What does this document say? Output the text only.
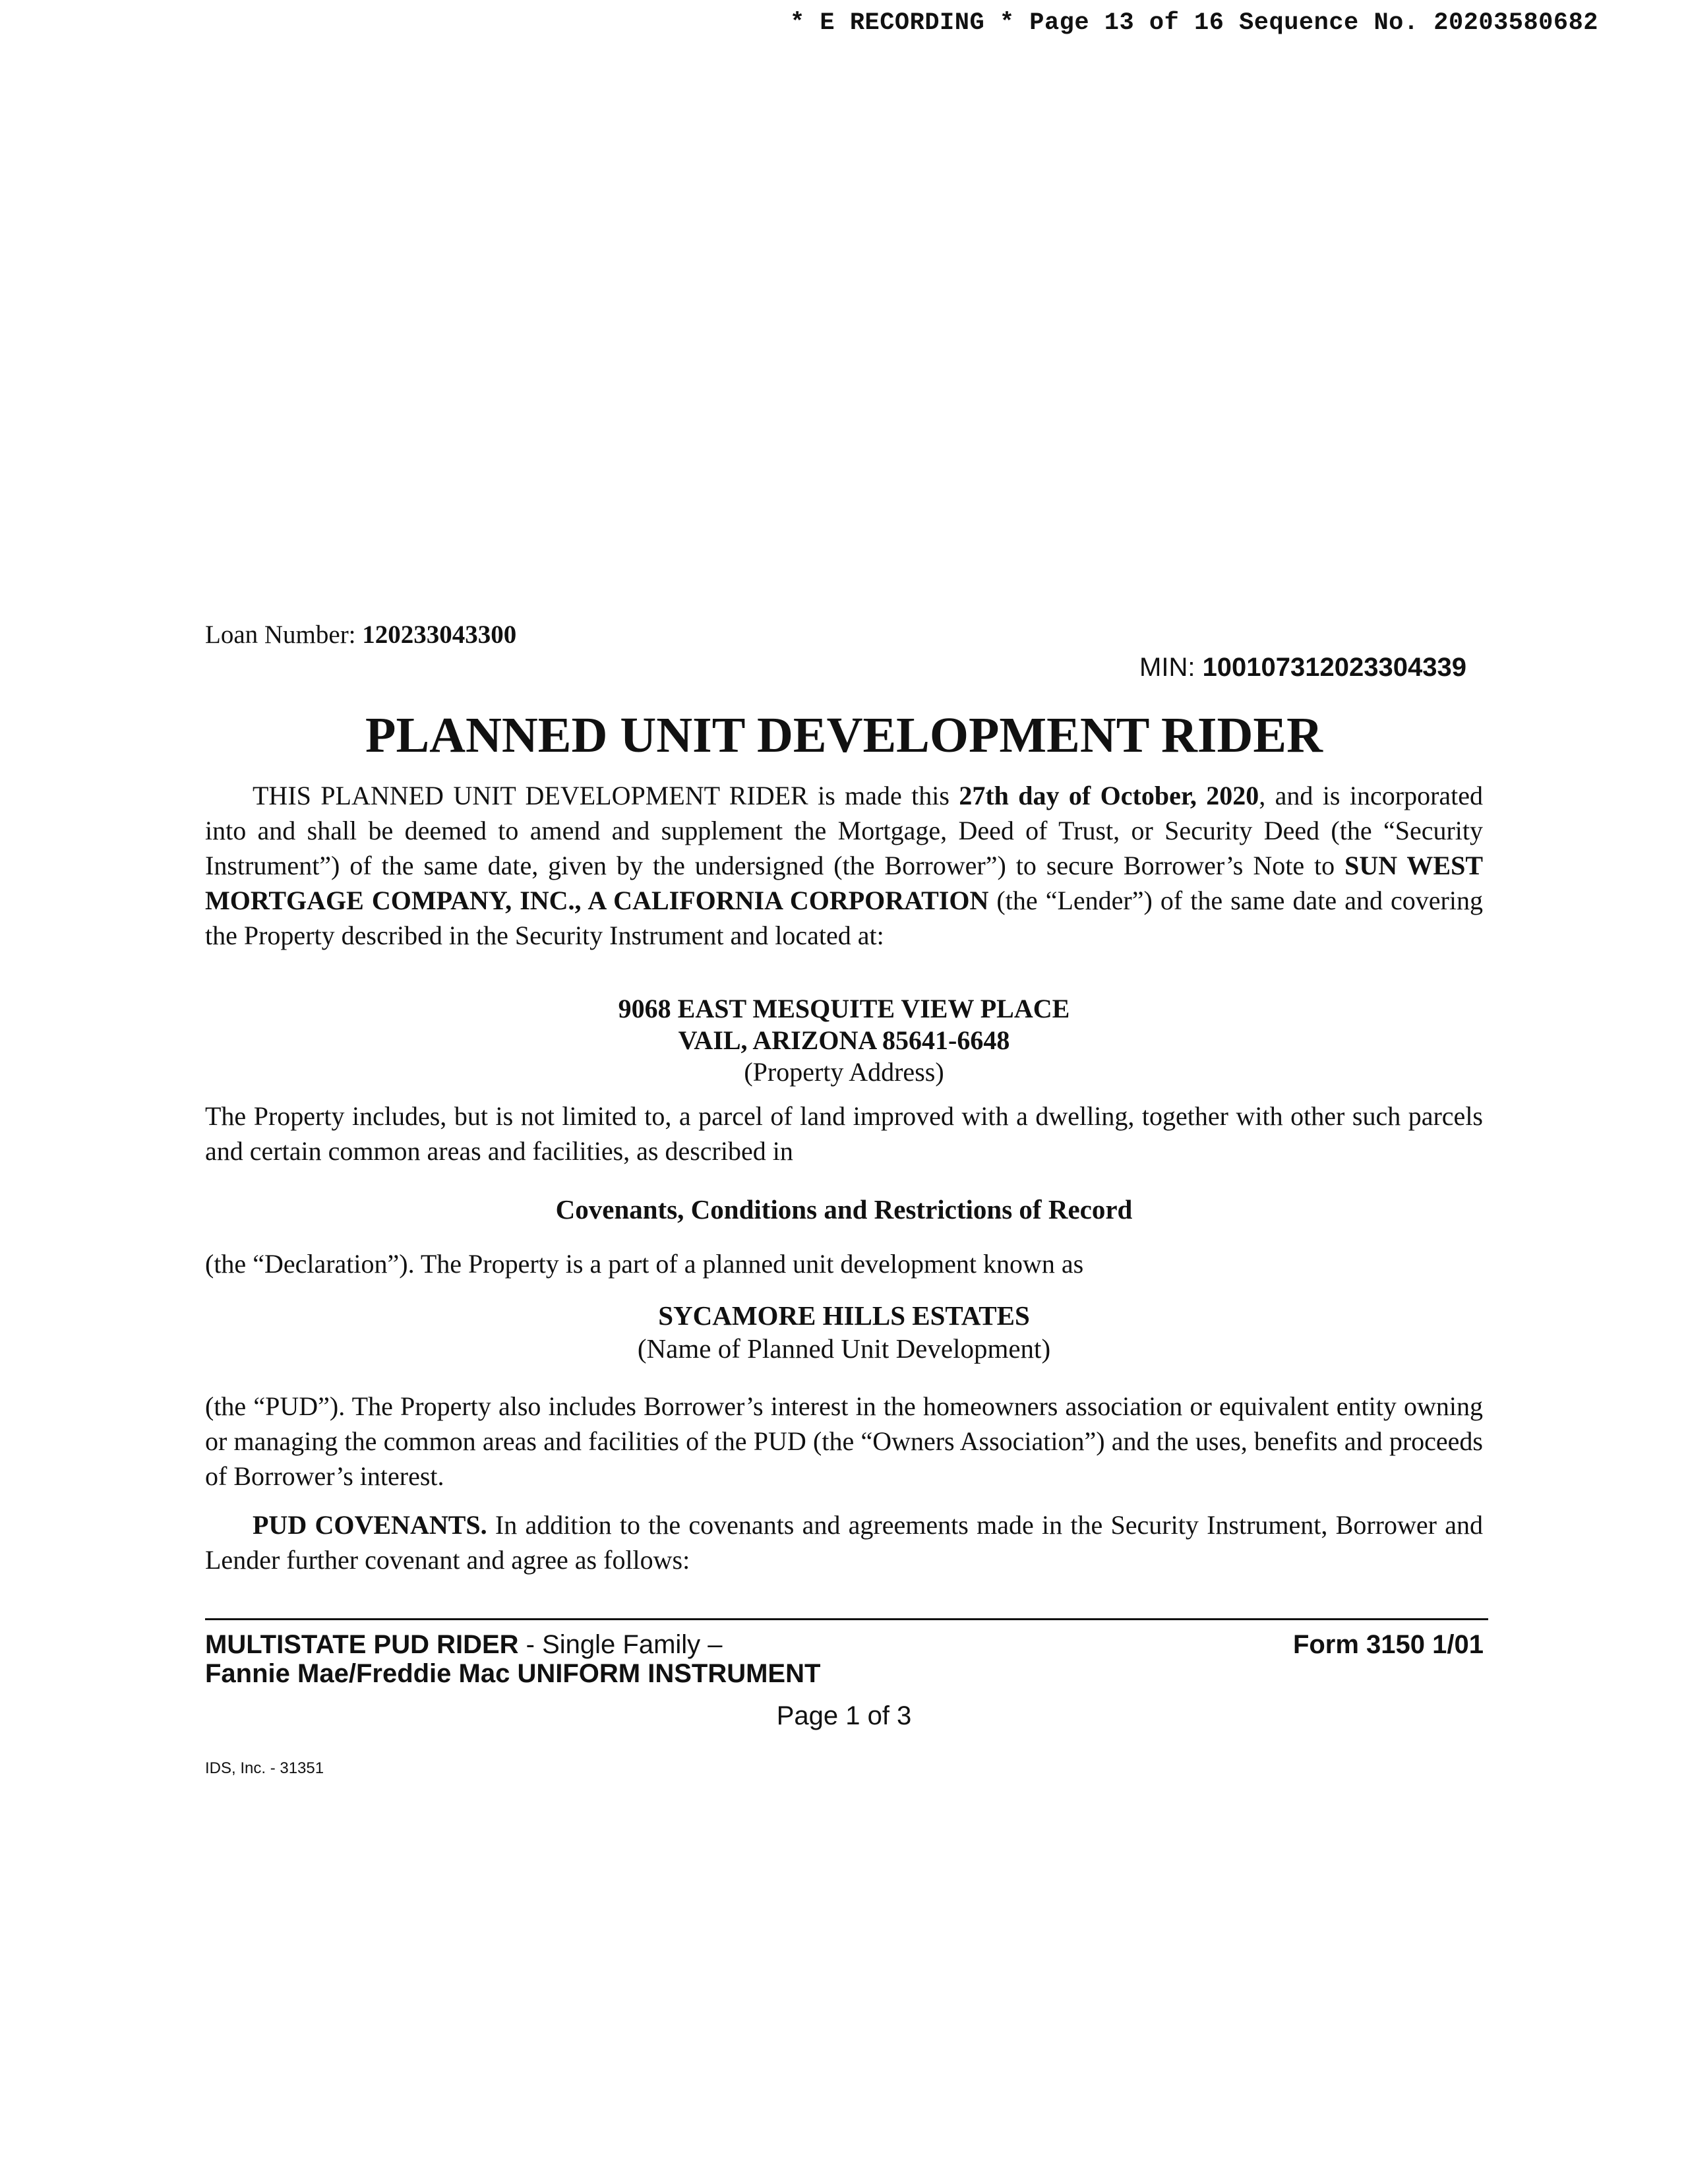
* E RECORDING * Page 13 of 16 Sequence No. 20203580682
Loan Number: 120233043300
MIN: 100107312023304339
PLANNED UNIT DEVELOPMENT RIDER
THIS PLANNED UNIT DEVELOPMENT RIDER is made this 27th day of October, 2020, and is incorporated into and shall be deemed to amend and supplement the Mortgage, Deed of Trust, or Security Deed (the “Security Instrument”) of the same date, given by the undersigned (the Borrower”) to secure Borrower’s Note to SUN WEST MORTGAGE COMPANY, INC., A CALIFORNIA CORPORATION (the “Lender”) of the same date and covering the Property described in the Security Instrument and located at:
9068 EAST MESQUITE VIEW PLACE
VAIL, ARIZONA 85641-6648
(Property Address)
The Property includes, but is not limited to, a parcel of land improved with a dwelling, together with other such parcels and certain common areas and facilities, as described in
Covenants, Conditions and Restrictions of Record
(the “Declaration”). The Property is a part of a planned unit development known as
SYCAMORE HILLS ESTATES
(Name of Planned Unit Development)
(the “PUD”). The Property also includes Borrower’s interest in the homeowners association or equivalent entity owning or managing the common areas and facilities of the PUD (the “Owners Association”) and the uses, benefits and proceeds of Borrower’s interest.
PUD COVENANTS. In addition to the covenants and agreements made in the Security Instrument, Borrower and Lender further covenant and agree as follows:
MULTISTATE PUD RIDER - Single Family –
Fannie Mae/Freddie Mac UNIFORM INSTRUMENT
Form 3150 1/01
Page 1 of 3
IDS, Inc. - 31351
